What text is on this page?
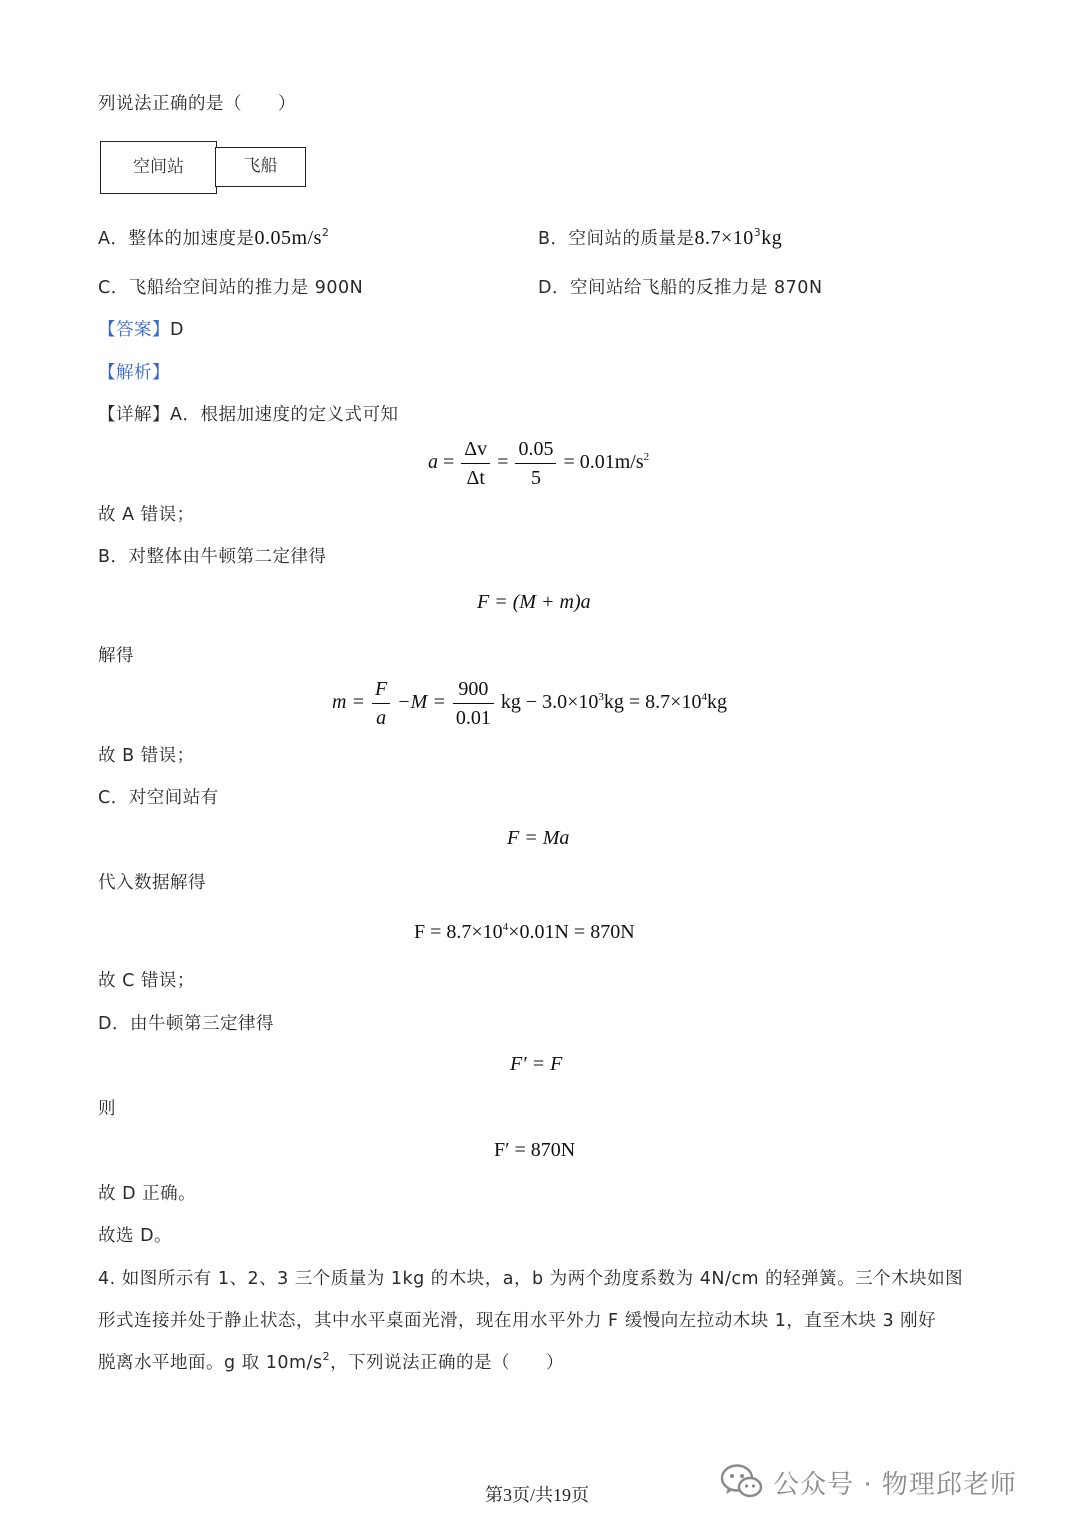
列说法正确的是（　　）
空间站	飞船
A．整体的加速度是$0.05m/s^2$	B．空间站的质量是$8.7\times 10^3kg$
C．飞船给空间站的推力是 900N	D．空间站给飞船的反推力是 870N
【答案】D
【解析】
【详解】A．根据加速度的定义式可知
$a = \frac{\Delta v}{\Delta t} = \frac{0.05}{5} = 0.01m/s^2$
故 A 错误；
B．对整体由牛顿第二定律得
F = (M + m)a
解得
$m = \frac{F}{a} -M = \frac{900}{0.01}$ kg − $3.0\times 10^3kg = 8.7\times 10^4kg$
故 B 错误；
C．对空间站有
F = Ma
代入数据解得
$F = 8.7\times 10^4\times 0.01N = 870N$
故 C 错误；
D．由牛顿第三定律得
F′ = F
则
F′ = 870N
故 D 正确。
故选 D。
4. 如图所示有 1、2、3 三个质量为 1kg 的木块，a，b 为两个劲度系数为 4N/cm 的轻弹簧。三个木块如图
形式连接并处于静止状态，其中水平桌面光滑，现在用水平外力 F 缓慢向左拉动木块 1，直至木块 3 刚好
脱离水平地面。g 取 $10m/s^2$，下列说法正确的是（　　）
第3页/共19页	公众号 · 物理邱老师
